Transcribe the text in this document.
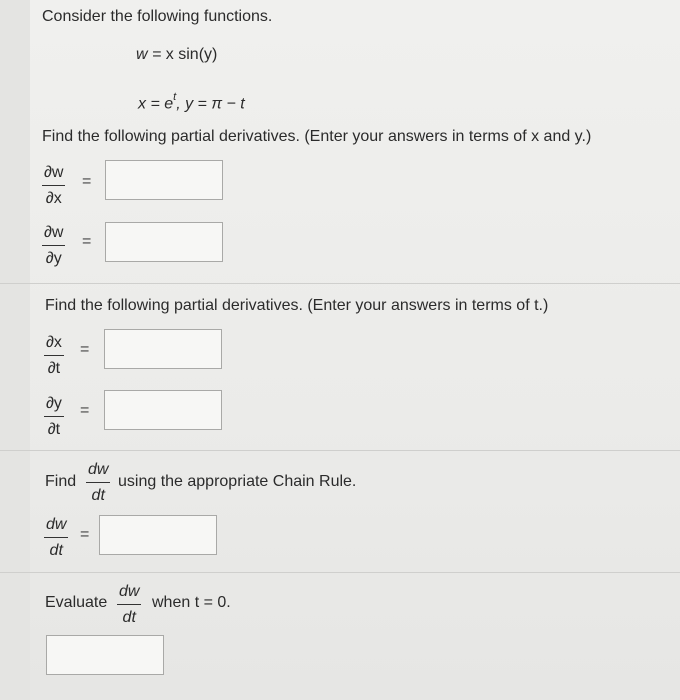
Consider the following functions.
w = x sin(y)
$x = e^t$, y = π − t
Find the following partial derivatives. (Enter your answers in terms of x and y.)
∂w
∂x
=
∂w
∂y
=
Find the following partial derivatives. (Enter your answers in terms of t.)
∂x
∂t
=
∂y
∂t
=
Find
dw
dt
using the appropriate Chain Rule.
dw
dt
=
Evaluate
dw
dt
when t = 0.
